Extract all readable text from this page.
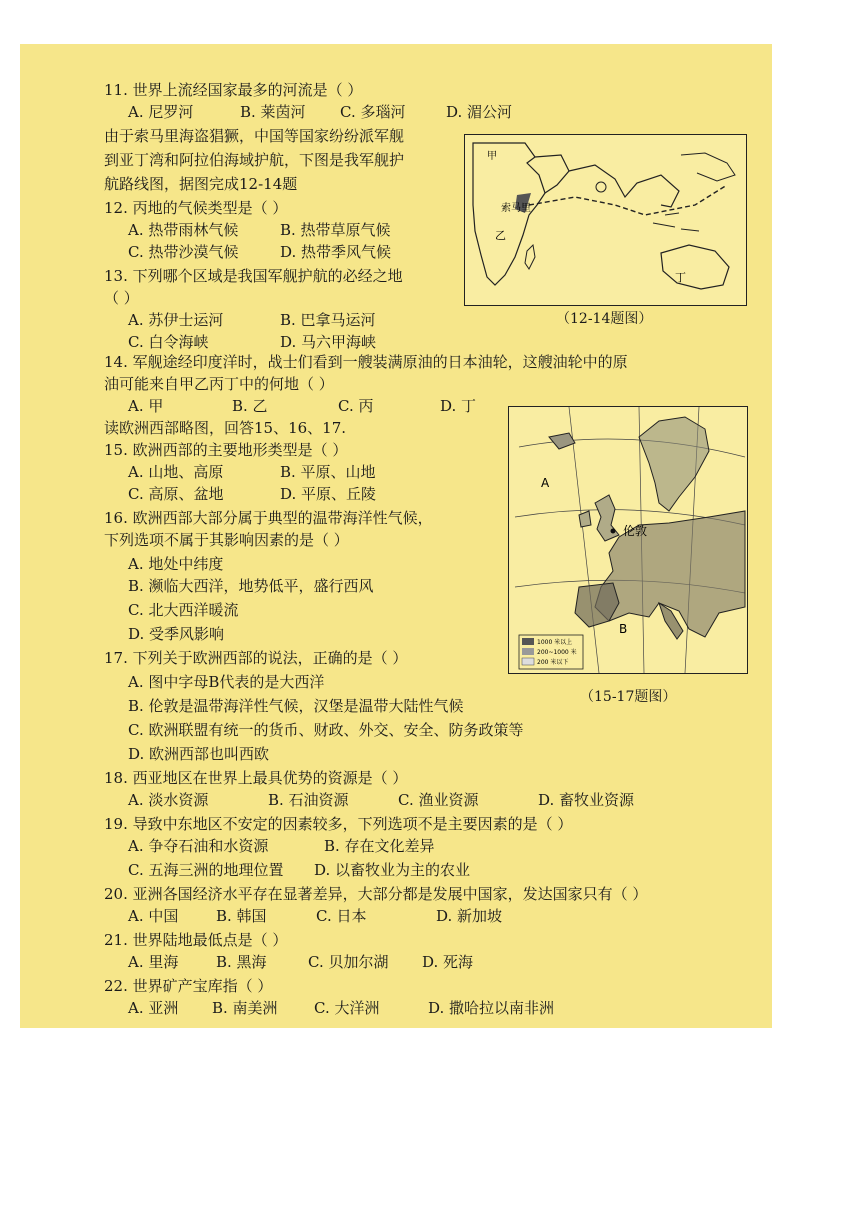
11. 世界上流经国家最多的河流是（ ）
A. 尼罗河	B. 莱茵河 C. 多瑙河	D. 湄公河
由于索马里海盗猖獗，中国等国家纷纷派军舰
到亚丁湾和阿拉伯海域护航，下图是我军舰护
航路线图，据图完成12-14题
12. 丙地的气候类型是（ ）
A. 热带雨林气候	B. 热带草原气候
C. 热带沙漠气候	D. 热带季风气候
13. 下列哪个区域是我国军舰护航的必经之地
（ ）
A. 苏伊士运河	B. 巴拿马运河
C. 白令海峡	D. 马六甲海峡
甲
索马里
乙
丁
（12-14题图）
14. 军舰途经印度洋时，战士们看到一艘装满原油的日本油轮，这艘油轮中的原
油可能来自甲乙丙丁中的何地（ ）
A. 甲	B. 乙	C. 丙	D. 丁
读欧洲西部略图，回答15、16、17.
15. 欧洲西部的主要地形类型是（ ）
A. 山地、高原	B. 平原、山地
C. 高原、盆地	D. 平原、丘陵
16. 欧洲西部大部分属于典型的温带海洋性气候，
下列选项不属于其影响因素的是（ ）
A. 地处中纬度
B. 濒临大西洋，地势低平，盛行西风
C. 北大西洋暖流
D. 受季风影响
伦敦
A
B
1000 米以上
200~1000 米
200 米以下
（15-17题图）
17. 下列关于欧洲西部的说法，正确的是（ ）
A. 图中字母B代表的是大西洋
B. 伦敦是温带海洋性气候，汉堡是温带大陆性气候
C. 欧洲联盟有统一的货币、财政、外交、安全、防务政策等
D. 欧洲西部也叫西欧
18. 西亚地区在世界上最具优势的资源是（ ）
A. 淡水资源	B. 石油资源	C. 渔业资源	D. 畜牧业资源
19. 导致中东地区不安定的因素较多，下列选项不是主要因素的是（ ）
A. 争夺石油和水资源	B. 存在文化差异
C. 五海三洲的地理位置 D. 以畜牧业为主的农业
20. 亚洲各国经济水平存在显著差异，大部分都是发展中国家，发达国家只有（ ）
A. 中国	B. 韩国	C. 日本	D. 新加坡
21. 世界陆地最低点是（ ）
A. 里海	B. 黑海	C. 贝加尔湖 D. 死海
22. 世界矿产宝库指（ ）
A. 亚洲 B. 南美洲 C. 大洋洲	D. 撒哈拉以南非洲
